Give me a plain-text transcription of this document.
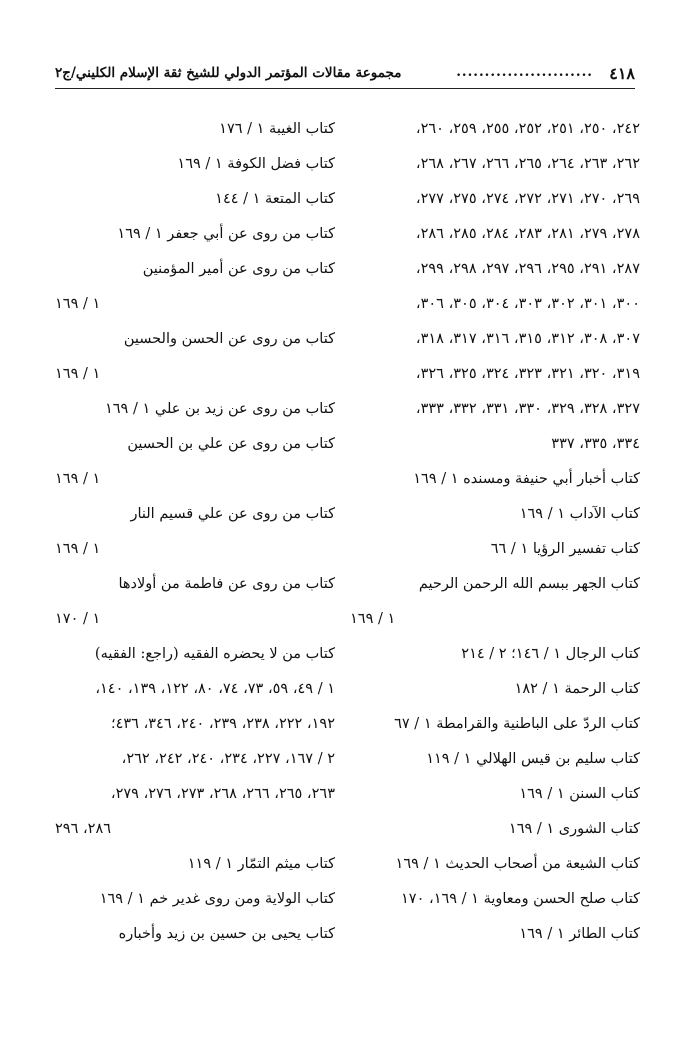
٤١٨
........................
مجموعة مقالات المؤتمر الدولي للشيخ ثقة الإسلام الكليني/ج٢
٢٤٢، ٢٥٠، ٢٥١، ٢٥٢، ٢٥٥، ٢٥٩، ٢٦٠،
٢٦٢، ٢٦٣، ٢٦٤، ٢٦٥، ٢٦٦، ٢٦٧، ٢٦٨،
٢٦٩، ٢٧٠، ٢٧١، ٢٧٢، ٢٧٤، ٢٧٥، ٢٧٧،
٢٧٨، ٢٧٩، ٢٨١، ٢٨٣، ٢٨٤، ٢٨٥، ٢٨٦،
٢٨٧، ٢٩١، ٢٩٥، ٢٩٦، ٢٩٧، ٢٩٨، ٢٩٩،
٣٠٠، ٣٠١، ٣٠٢، ٣٠٣، ٣٠٤، ٣٠٥، ٣٠٦،
٣٠٧، ٣٠٨، ٣١٢، ٣١٥، ٣١٦، ٣١٧، ٣١٨،
٣١٩، ٣٢٠، ٣٢١، ٣٢٣، ٣٢٤، ٣٢٥، ٣٢٦،
٣٢٧، ٣٢٨، ٣٢٩، ٣٣٠، ٣٣١، ٣٣٢، ٣٣٣،
٣٣٤، ٣٣٥، ٣٣٧
كتاب أخبار أبي حنيفة ومسنده ١ / ١٦٩
كتاب الآداب ١ / ١٦٩
كتاب تفسير الرؤيا ١ / ٦٦
كتاب الجهر ببسم الله الرحمن الرحيم
١ / ١٦٩
كتاب الرجال ١ / ١٤٦؛ ٢ / ٢١٤
كتاب الرحمة ١ / ١٨٢
كتاب الردّ على الباطنية والقرامطة ١ / ٦٧
كتاب سليم بن قيس الهلالي ١ / ١١٩
كتاب السنن ١ / ١٦٩
كتاب الشورى ١ / ١٦٩
كتاب الشيعة من أصحاب الحديث ١ / ١٦٩
كتاب صلح الحسن ومعاوية ١ / ١٦٩، ١٧٠
كتاب الطائر ١ / ١٦٩
كتاب الغيبة ١ / ١٧٦
كتاب فضل الكوفة ١ / ١٦٩
كتاب المتعة ١ / ١٤٤
كتاب من روى عن أبي جعفر ١ / ١٦٩
كتاب من روى عن أمير المؤمنين
١ / ١٦٩
كتاب من روى عن الحسن والحسين
١ / ١٦٩
كتاب من روى عن زيد بن علي ١ / ١٦٩
كتاب من روى عن علي بن الحسين
١ / ١٦٩
كتاب من روى عن علي قسيم النار
١ / ١٦٩
كتاب من روى عن فاطمة من أولادها
١ / ١٧٠
كتاب من لا يحضره الفقيه (راجع: الفقيه)
١ / ٤٩، ٥٩، ٧٣، ٧٤، ٨٠، ١٢٢، ١٣٩، ١٤٠،
١٩٢، ٢٢٢، ٢٣٨، ٢٣٩، ٢٤٠، ٣٤٦، ٤٣٦؛
٢ / ١٦٧، ٢٢٧، ٢٣٤، ٢٤٠، ٢٤٢، ٢٦٢،
٢٦٣، ٢٦٥، ٢٦٦، ٢٦٨، ٢٧٣، ٢٧٦، ٢٧٩،
٢٨٦، ٢٩٦
كتاب ميثم التمّار ١ / ١١٩
كتاب الولاية ومن روى غدير خم ١ / ١٦٩
كتاب يحيى بن حسين بن زيد وأخباره
